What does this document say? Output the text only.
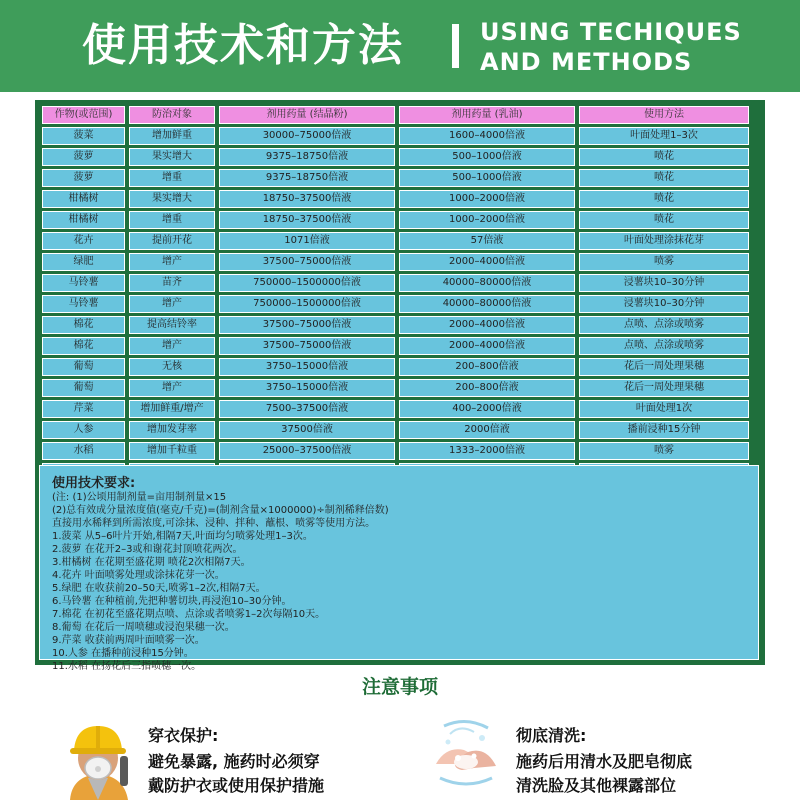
使用技术和方法	USING TECHIQUES
AND METHODS
作物(或范围)	防治对象	剂用药量 (结晶粉)	剂用药量 (乳油)	使用方法
菠菜	增加鲜重	30000–75000倍液	1600–4000倍液	叶面处理1–3次
菠萝	果实增大	9375–18750倍液	500–1000倍液	喷花
菠萝	增重	9375–18750倍液	500–1000倍液	喷花
柑橘树	果实增大	18750–37500倍液	1000–2000倍液	喷花
柑橘树	增重	18750–37500倍液	1000–2000倍液	喷花
花卉	提前开花	1071倍液	57倍液	叶面处理涂抹花芽
绿肥	增产	37500–75000倍液	2000–4000倍液	喷雾
马铃薯	苗齐	750000–1500000倍液	40000–80000倍液	浸薯块10–30分钟
马铃薯	增产	750000–1500000倍液	40000–80000倍液	浸薯块10–30分钟
棉花	提高结铃率	37500–75000倍液	2000–4000倍液	点喷、点涂或喷雾
棉花	增产	37500–75000倍液	2000–4000倍液	点喷、点涂或喷雾
葡萄	无核	3750–15000倍液	200–800倍液	花后一周处理果穗
葡萄	增产	3750–15000倍液	200–800倍液	花后一周处理果穗
芹菜	增加鲜重/增产	7500–37500倍液	400–2000倍液	叶面处理1次
人参	增加发芽率	37500倍液	2000倍液	播前浸种15分钟
水稻	增加千粒重	25000–37500倍液	1333–2000倍液	喷雾

使用技术要求:
(注: (1)公顷用制剂量=亩用制剂量×15
(2)总有效成分量浓度值(毫克/千克)=(制剂含量×1000000)÷制剂稀释倍数)
直接用水稀释到所需浓度,可涂抹、浸种、拌种、蘸根、喷雾等使用方法。
1.菠菜 从5–6叶片开始,相隔7天,叶面均匀喷雾处理1–3次。
2.菠萝 在花开2–3或和谢花封顶喷花两次。
3.柑橘树 在花期至盛花期 喷花2次相隔7天。
4.花卉 叶面喷雾处理或涂抹花芽一次。
5.绿肥 在收获前20–50天,喷雾1–2次,相隔7天。
6.马铃薯 在种植前,先把种薯切块,再浸泡10–30分钟。
7.棉花 在初花至盛花期点喷、点涂或者喷雾1–2次每隔10天。
8.葡萄 在花后一周喷穗或浸泡果穗一次。
9.芹菜 收获前两周叶面喷雾一次。
10.人参 在播种前浸种15分钟。
11.水稻 在扬花后三指喷穗一次。
注意事项
穿衣保护:
避免暴露, 施药时必须穿
戴防护衣或使用保护措施
彻底清洗:
施药后用清水及肥皂彻底
清洗脸及其他裸露部位
